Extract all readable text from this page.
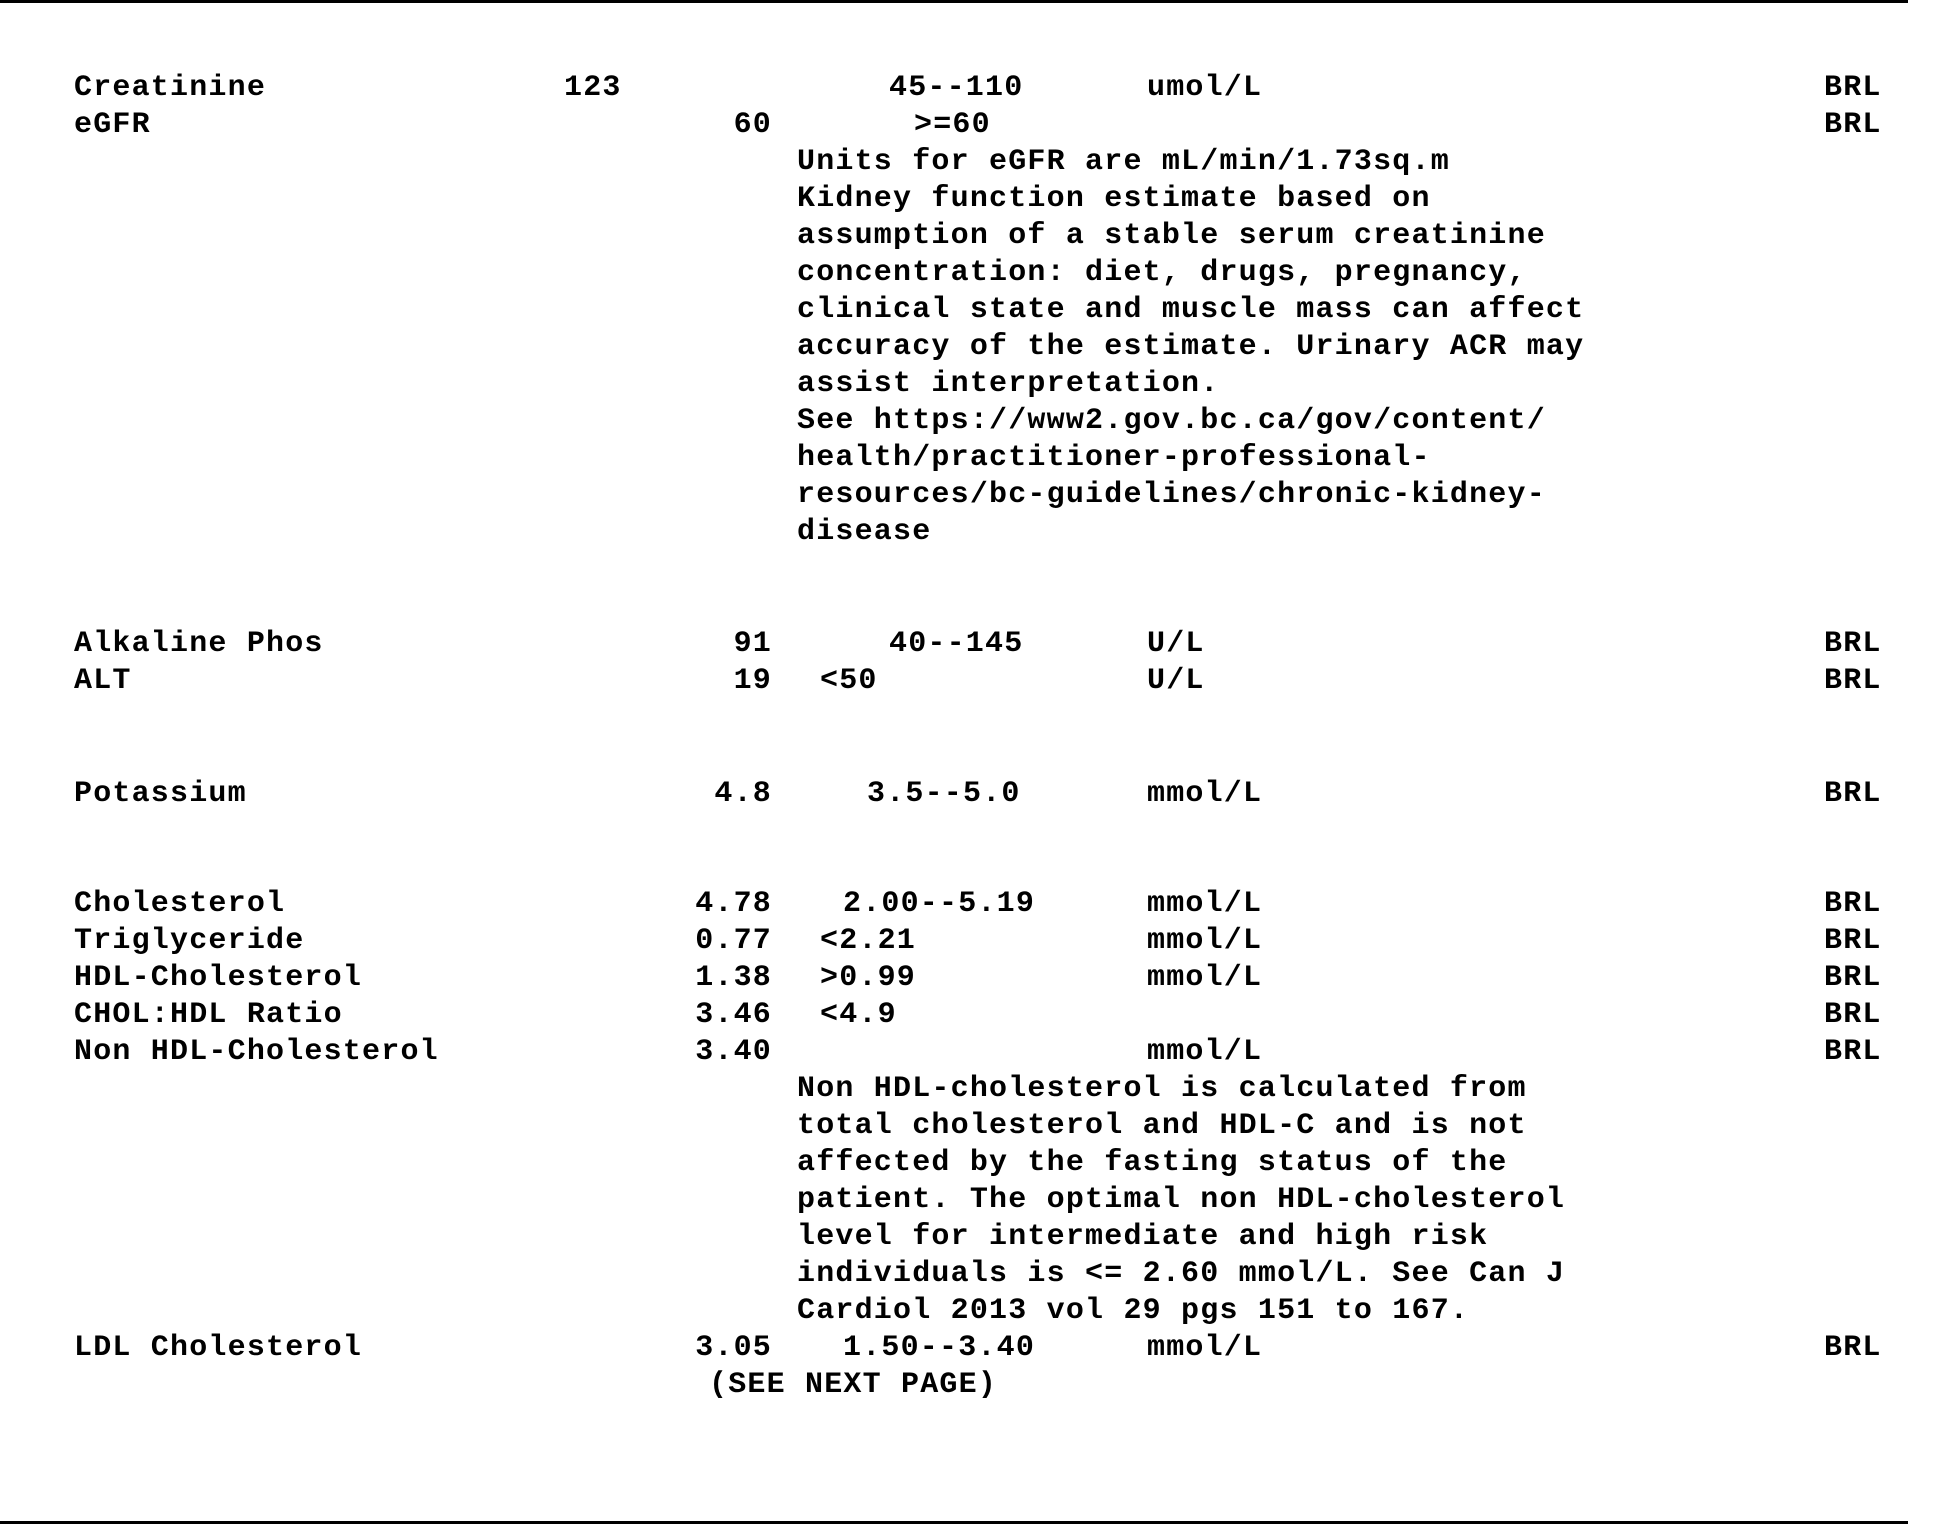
Creatinine	123	45--110	umol/L	BRL
eGFR	60	>=60	BRL
Units for eGFR are mL/min/1.73sq.m
Kidney function estimate based on
assumption of a stable serum creatinine
concentration: diet, drugs, pregnancy,
clinical state and muscle mass can affect
accuracy of the estimate. Urinary ACR may
assist interpretation.
See https://www2.gov.bc.ca/gov/content/
health/practitioner-professional-
resources/bc-guidelines/chronic-kidney-
disease
Alkaline Phos	91	40--145	U/L	BRL
ALT	19 <50	U/L	BRL
Potassium	4.8	3.5--5.0	mmol/L	BRL
Cholesterol	4.78 2.00--5.19	mmol/L	BRL
Triglyceride	0.77 <2.21	mmol/L	BRL
HDL-Cholesterol	1.38 >0.99	mmol/L	BRL
CHOL:HDL Ratio	3.46 <4.9	BRL
Non HDL-Cholesterol	3.40	mmol/L	BRL
Non HDL-cholesterol is calculated from
total cholesterol and HDL-C and is not
affected by the fasting status of the
patient. The optimal non HDL-cholesterol
level for intermediate and high risk
individuals is <= 2.60 mmol/L. See Can J
Cardiol 2013 vol 29 pgs 151 to 167.
LDL Cholesterol	3.05 1.50--3.40	mmol/L	BRL
(SEE NEXT PAGE)
